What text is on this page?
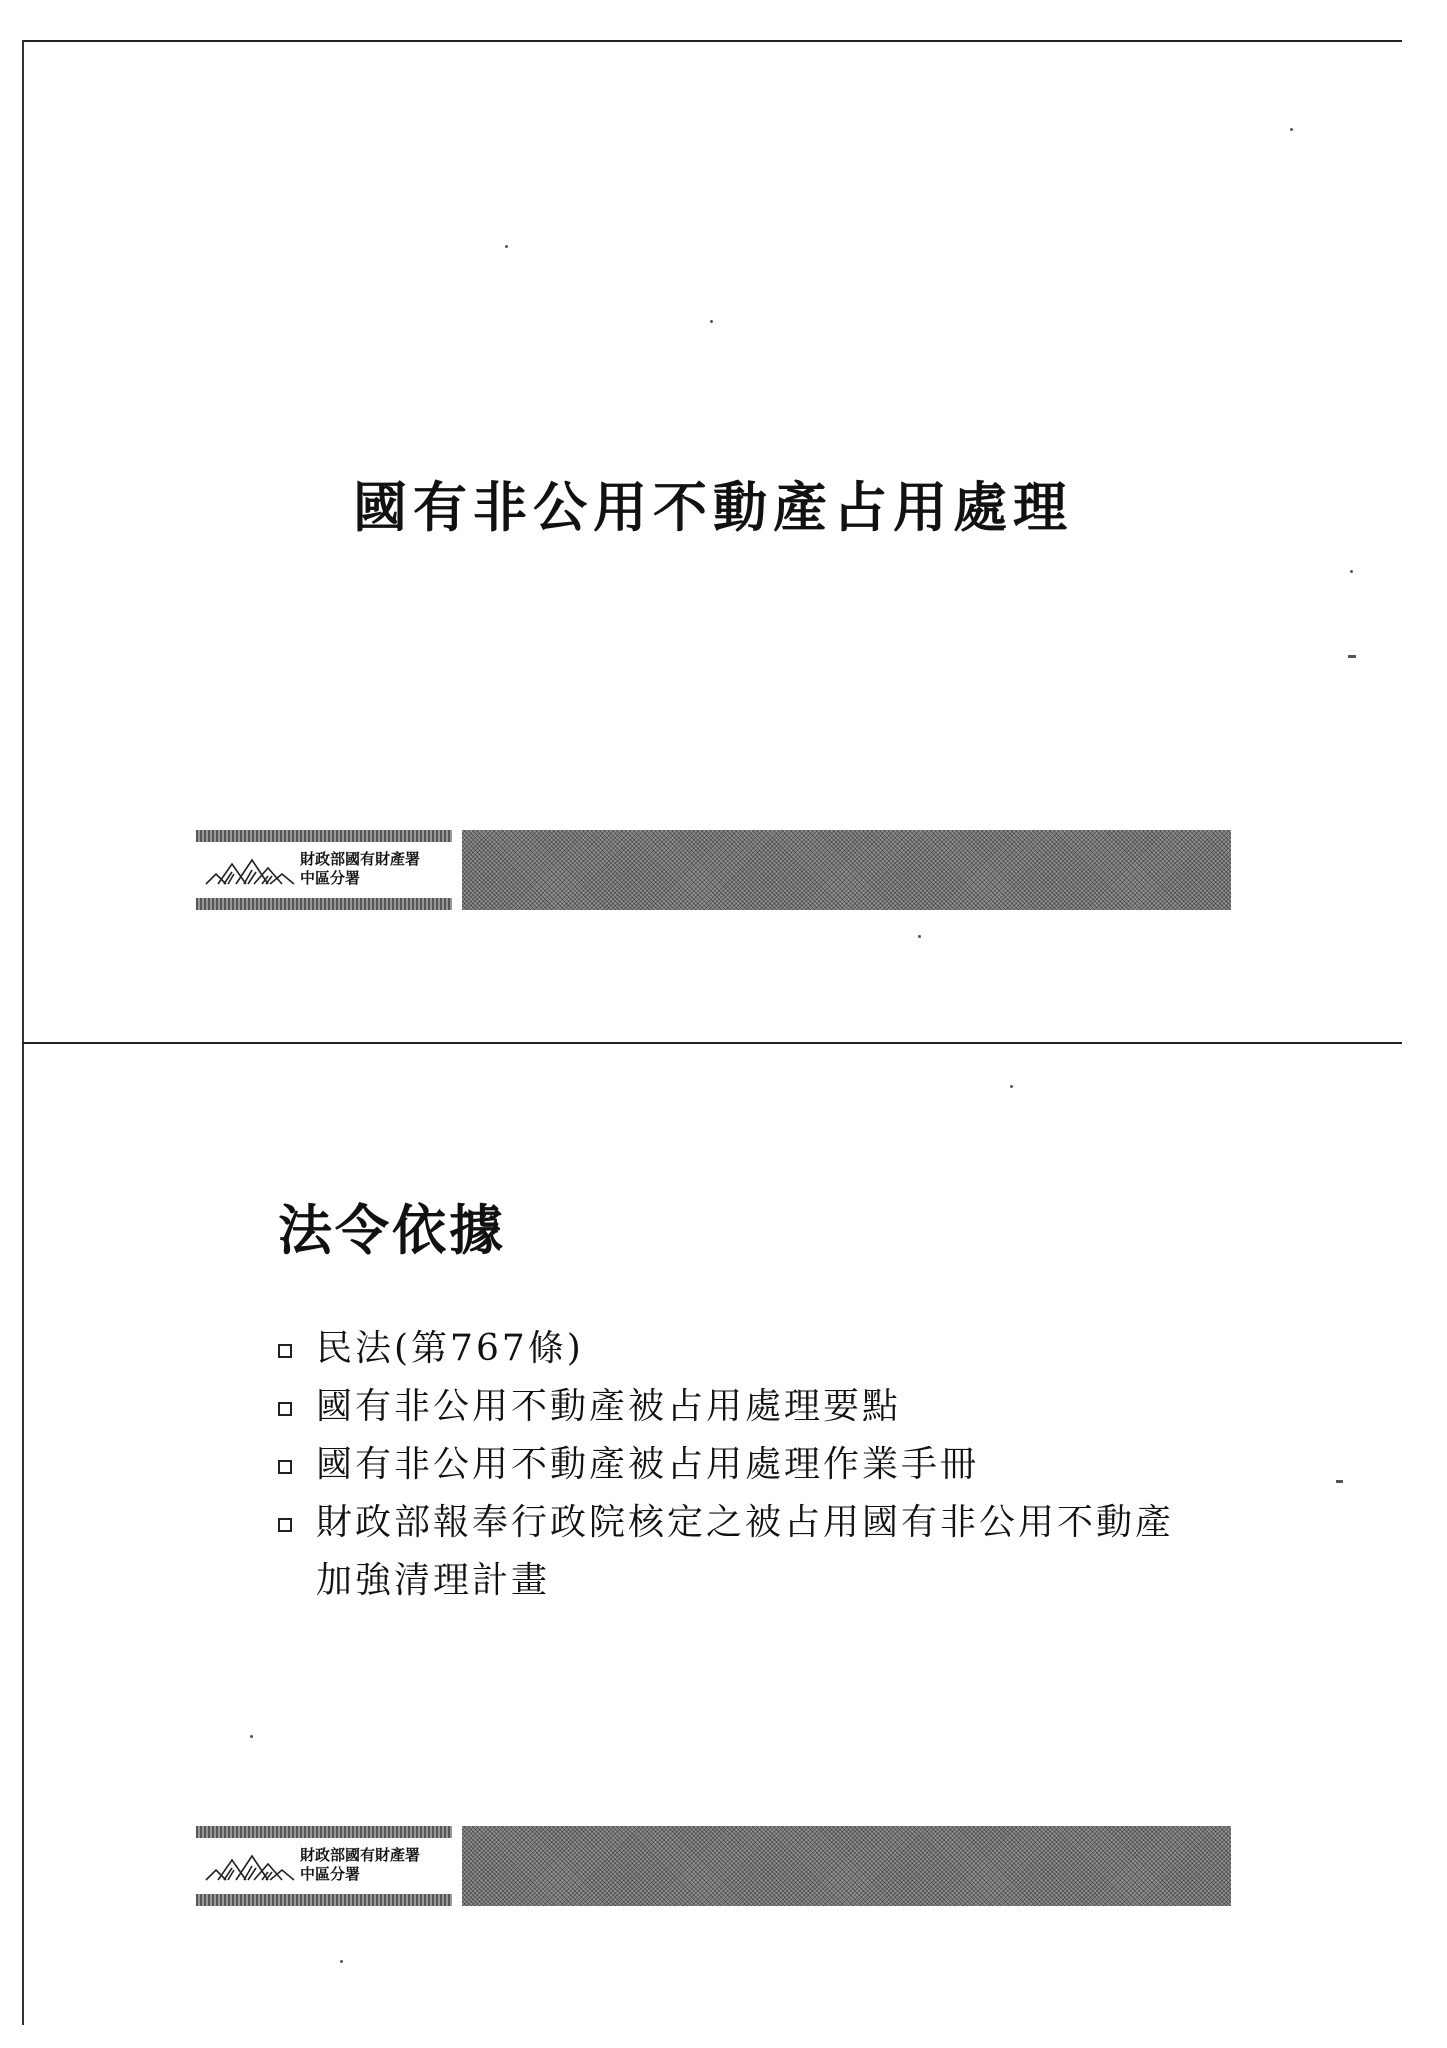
國有非公用不動產占用處理
財政部國有財產署
中區分署
法令依據
民法(第767條)
國有非公用不動產被占用處理要點
國有非公用不動產被占用處理作業手冊
財政部報奉行政院核定之被占用國有非公用不動產加強清理計畫
財政部國有財產署
中區分署
